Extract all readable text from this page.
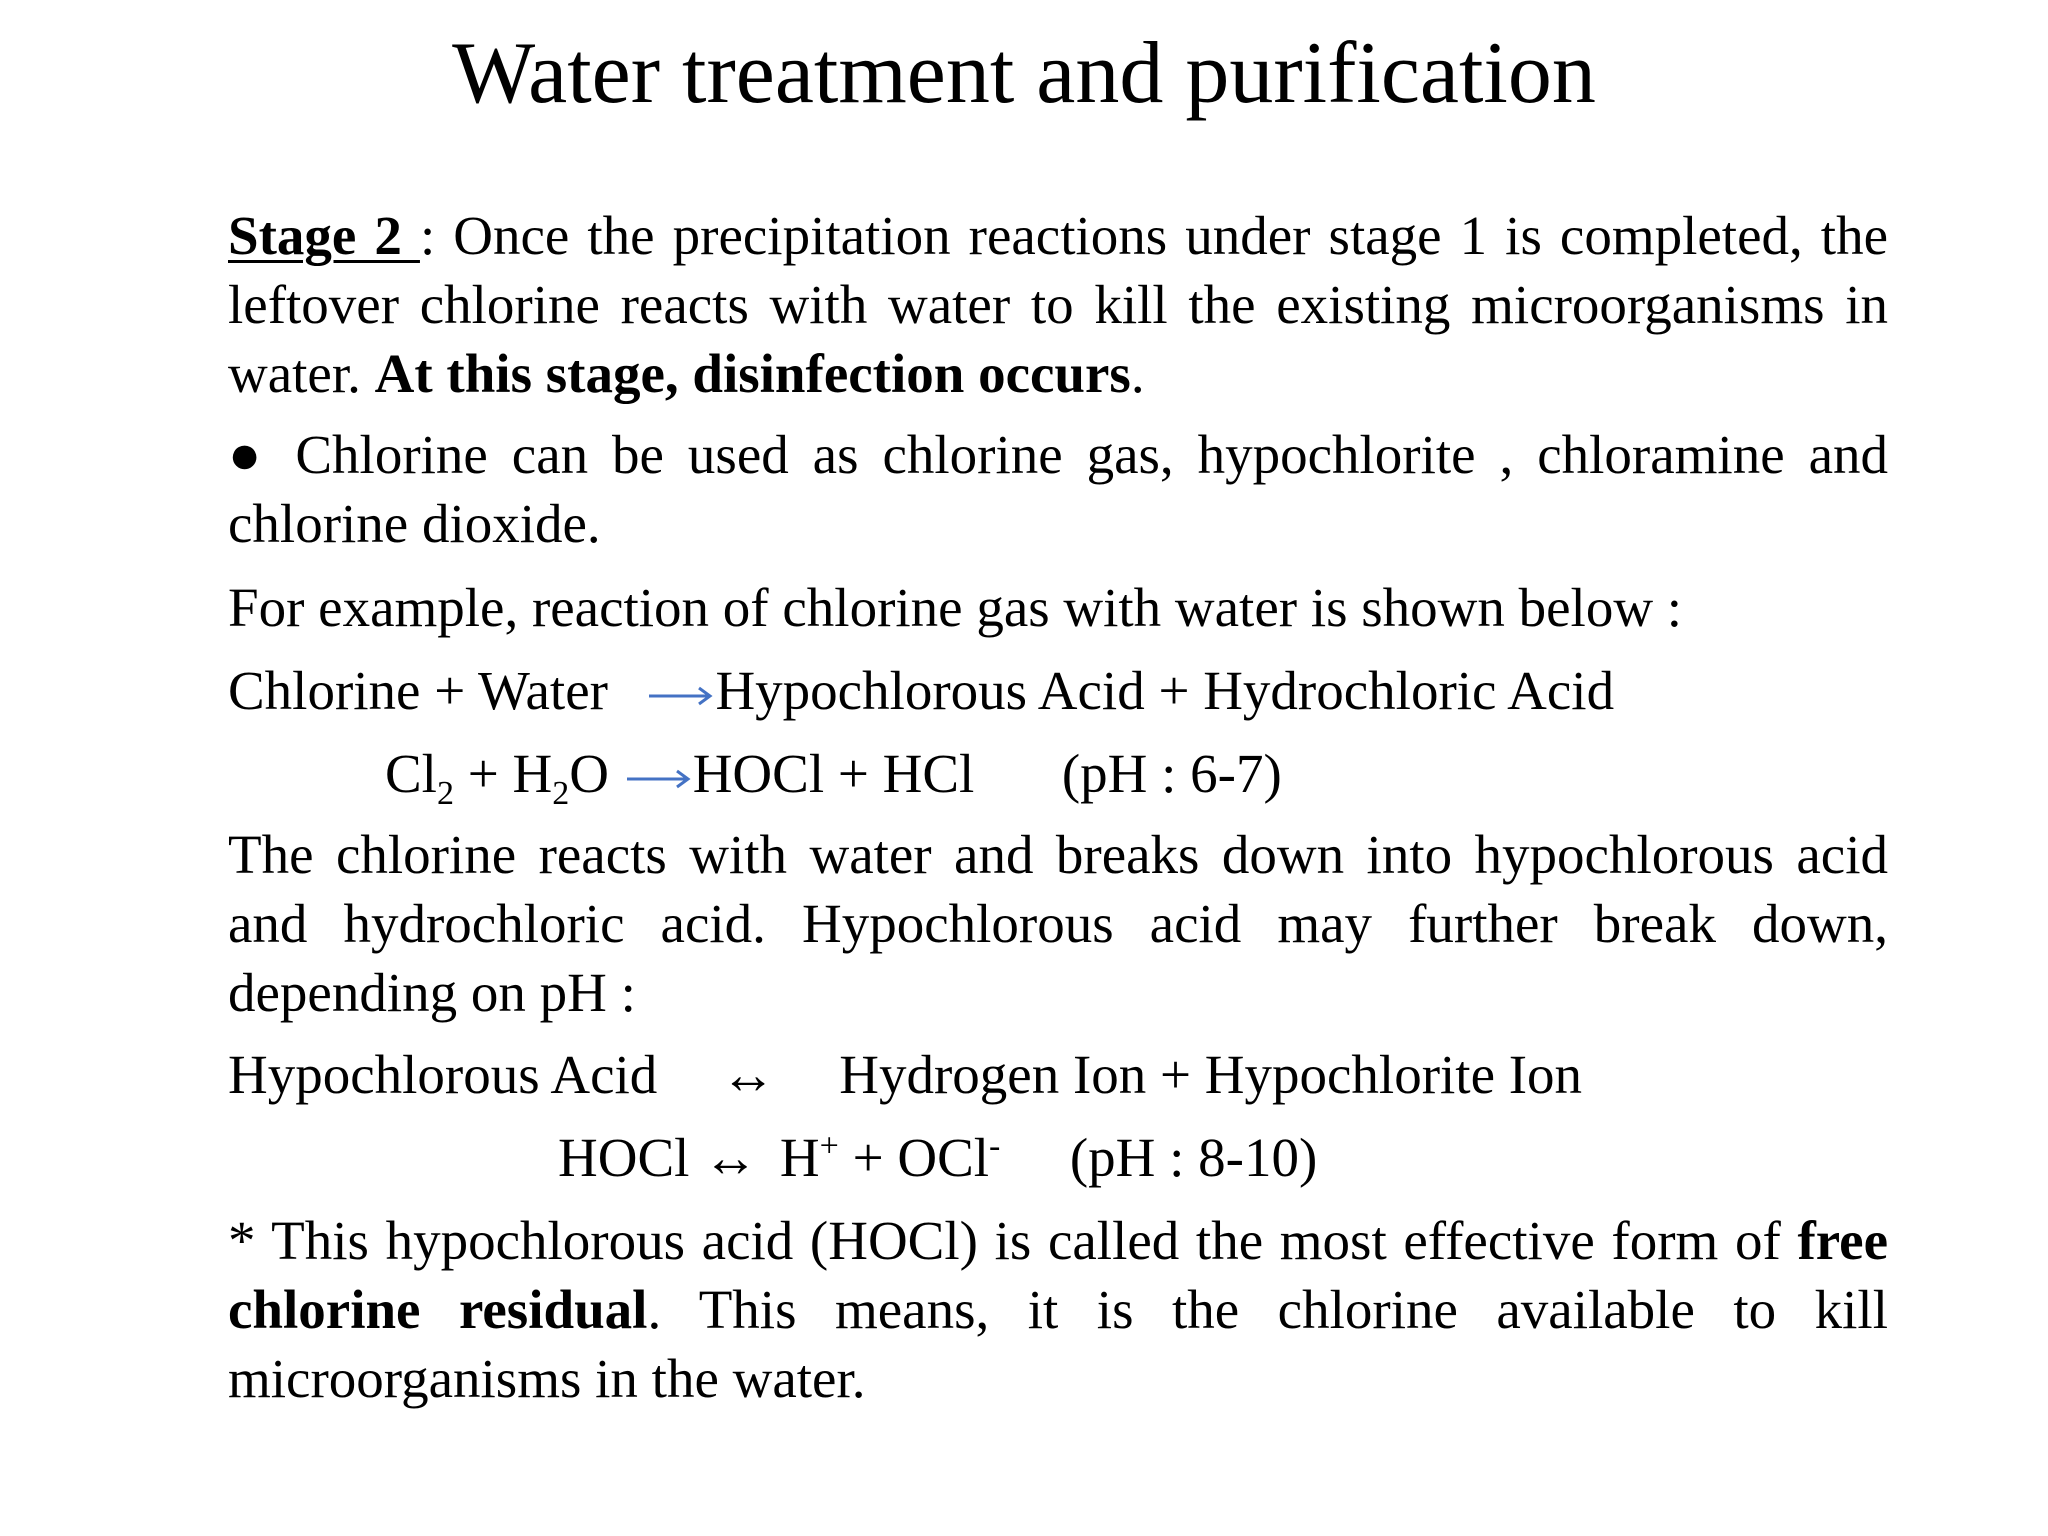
Water treatment and purification

Stage 2 : Once the precipitation reactions under stage 1 is completed, the leftover chlorine reacts with water to kill the existing microorganisms in water. At this stage, disinfection occurs.

● Chlorine can be used as chlorine gas, hypochlorite , chloramine and chlorine dioxide.

For example, reaction of chlorine gas with water is shown below :

Chlorine + Water Hypochlorous Acid + Hydrochloric Acid

$Cl_2 + H_2O$ HOCl + HCl (pH : 6-7)

The chlorine reacts with water and breaks down into hypochlorous acid and hydrochloric acid. Hypochlorous acid may further break down, depending on pH :

Hypochlorous Acid ↔ Hydrogen Ion + Hypochlorite Ion

HOCl ↔ H+ + OCl- (pH : 8-10)

* This hypochlorous acid (HOCl) is called the most effective form of free chlorine residual. This means, it is the chlorine available to kill microorganisms in the water.
